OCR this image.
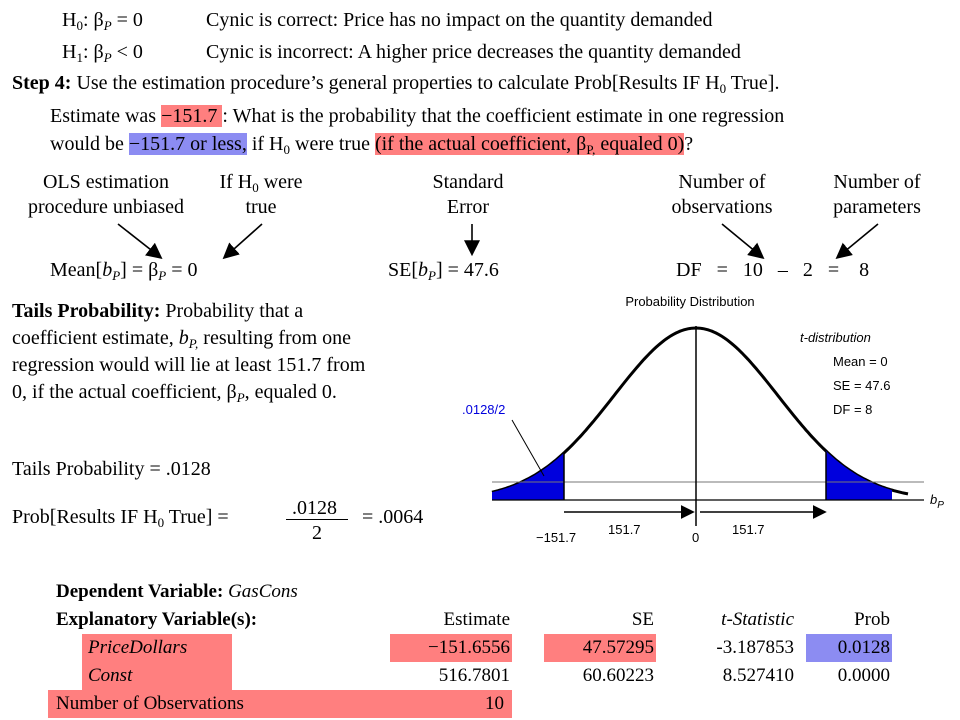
$H_0$: $\beta_P = 0$	Cynic is correct: Price has no impact on the quantity demanded
$H_1$: $\beta_P < 0$	Cynic is incorrect: A higher price decreases the quantity demanded
Step 4: Use the estimation procedure’s general properties to calculate Prob[Results IF $H_0$ True].
Estimate was −151.7 : What is the probability that the coefficient estimate in one regression
would be −151.7 or less, if $H_0$ were true (if the actual coefficient, $\beta_{P,}$ equaled 0)?
OLS estimation
procedure unbiased
If $H_0$ were
true
Standard
Error
Number of
observations
Number of
parameters
$Mean[b_P] = \beta_P = 0$	$SE[b_P] = 47.6$	DF   =   10   –   2   =    8
Tails Probability: Probability that a
coefficient estimate, $b_{P,}$ resulting from one
regression would will lie at least 151.7 from
0, if the actual coefficient, $\beta_P$, equaled 0.
Tails Probability = .0128
Prob[Results IF $H_0$ True] =	.0128
2
= .0064
Probability Distribution
.0128/2
t-distribution
Mean = 0
SE = 47.6
DF = 8
$b_P$
−151.7	0
151.7	151.7
Dependent Variable: GasCons
Explanatory Variable(s):	Estimate	SE	t-Statistic	Prob
PriceDollars	−151.6556	47.57295	-3.187853	0.0128
Const	516.7801	60.60223	8.527410	0.0000
Number of Observations	10
